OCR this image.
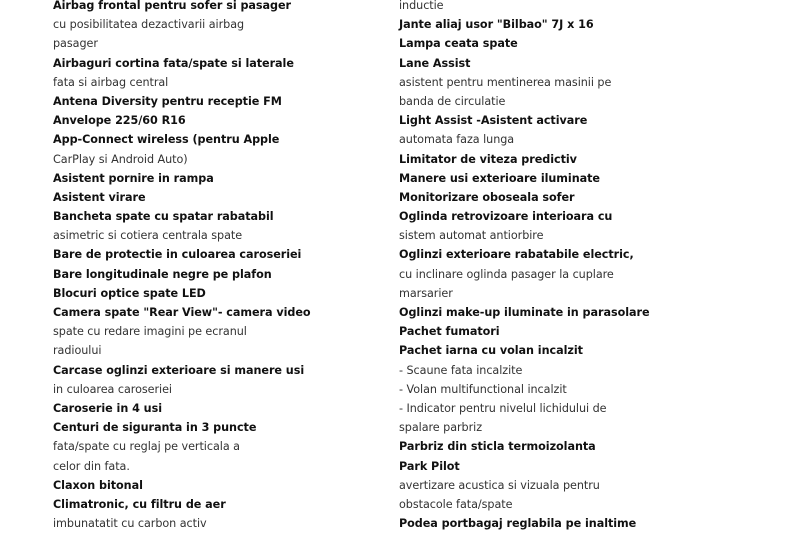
Airbag frontal pentru sofer si pasager
cu posibilitatea dezactivarii airbag
pasager
Airbaguri cortina fata/spate si laterale
fata si airbag central
Antena Diversity pentru receptie FM
Anvelope 225/60 R16
App-Connect wireless (pentru Apple
CarPlay si Android Auto)
Asistent pornire in rampa
Asistent virare
Bancheta spate cu spatar rabatabil
asimetric si cotiera centrala spate
Bare de protectie in culoarea caroseriei
Bare longitudinale negre pe plafon
Blocuri optice spate LED
Camera spate "Rear View"- camera video
spate cu redare imagini pe ecranul
radioului
Carcase oglinzi exterioare si manere usi
in culoarea caroseriei
Caroserie in 4 usi
Centuri de siguranta in 3 puncte
fata/spate cu reglaj pe verticala a
celor din fata.
Claxon bitonal
Climatronic, cu filtru de aer
imbunatatit cu carbon activ
inductie
Jante aliaj usor "Bilbao" 7J x 16
Lampa ceata spate
Lane Assist
asistent pentru mentinerea masinii pe
banda de circulatie
Light Assist -Asistent activare
automata faza lunga
Limitator de viteza predictiv
Manere usi exterioare iluminate
Monitorizare oboseala sofer
Oglinda retrovizoare interioara cu
sistem automat antiorbire
Oglinzi exterioare rabatabile electric,
cu inclinare oglinda pasager la cuplare
marsarier
Oglinzi make-up iluminate in parasolare
Pachet fumatori
Pachet iarna cu volan incalzit
- Scaune fata incalzite
- Volan multifunctional incalzit
- Indicator pentru nivelul lichidului de
spalare parbriz
Parbriz din sticla termoizolanta
Park Pilot
avertizare acustica si vizuala pentru
obstacole fata/spate
Podea portbagaj reglabila pe inaltime
